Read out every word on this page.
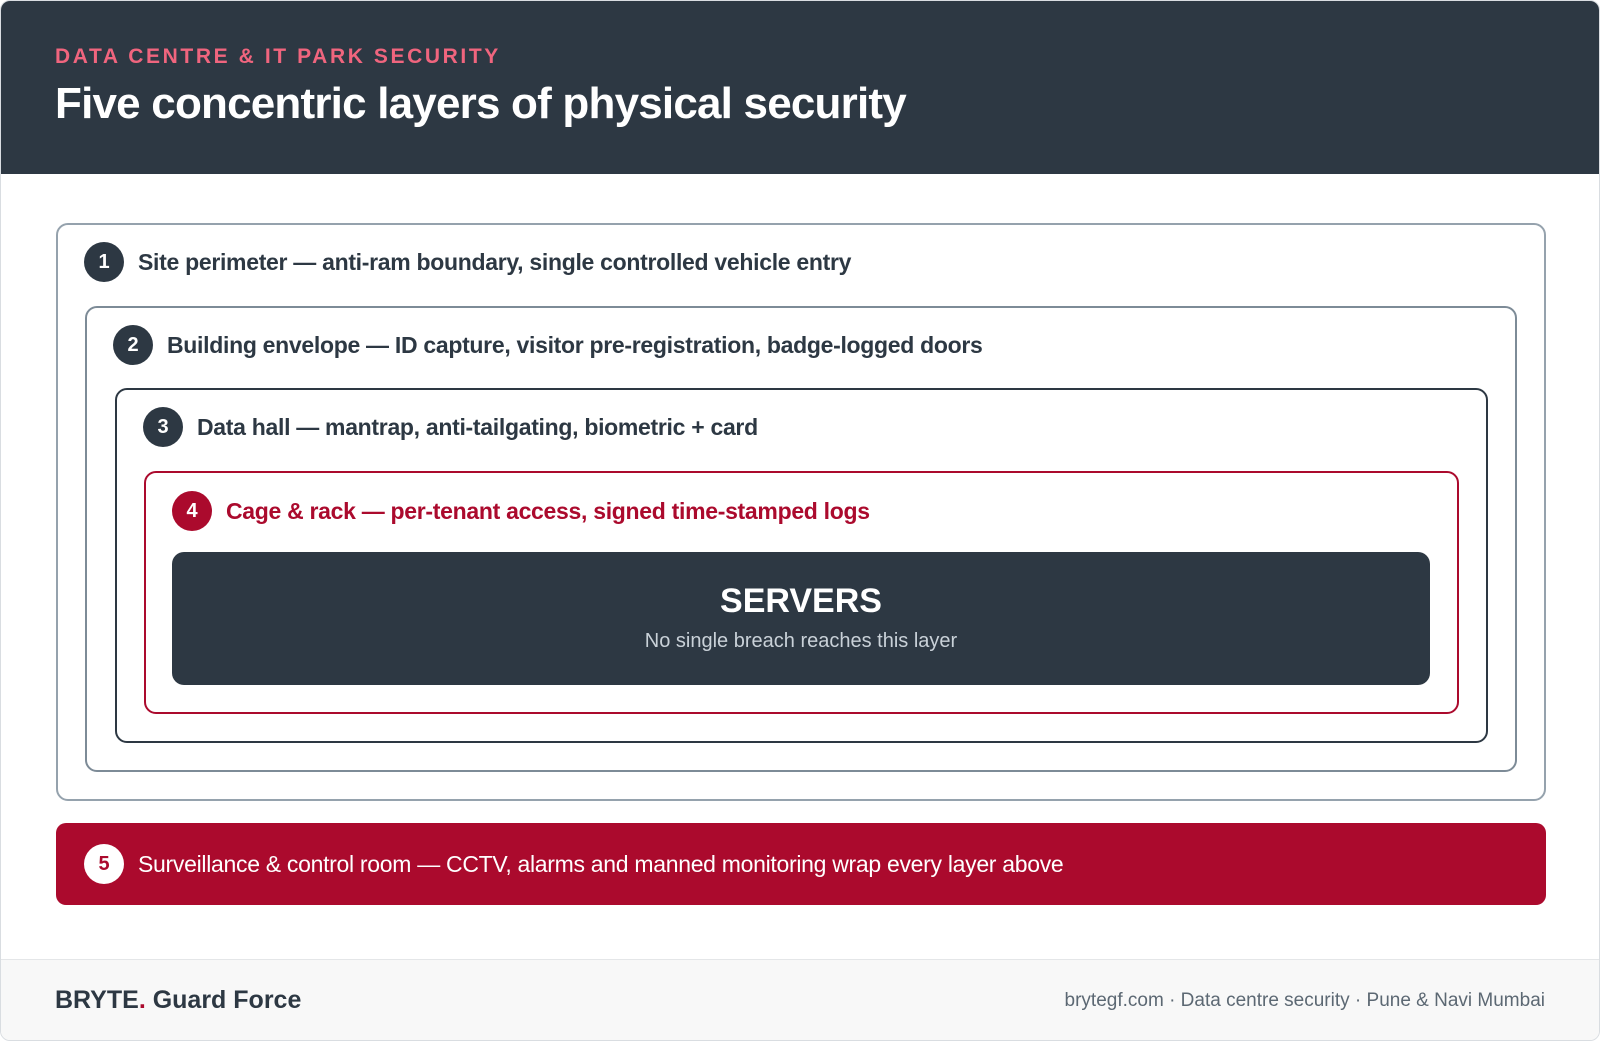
DATA CENTRE & IT PARK SECURITY
Five concentric layers of physical security
1	Site perimeter — anti-ram boundary, single controlled vehicle entry
2	Building envelope — ID capture, visitor pre-registration, badge-logged doors
3	Data hall — mantrap, anti-tailgating, biometric + card
4	Cage & rack — per-tenant access, signed time-stamped logs
SERVERS
No single breach reaches this layer
5	Surveillance & control room — CCTV, alarms and manned monitoring wrap every layer above
BRYTE. Guard Force	brytegf.com · Data centre security · Pune & Navi Mumbai
